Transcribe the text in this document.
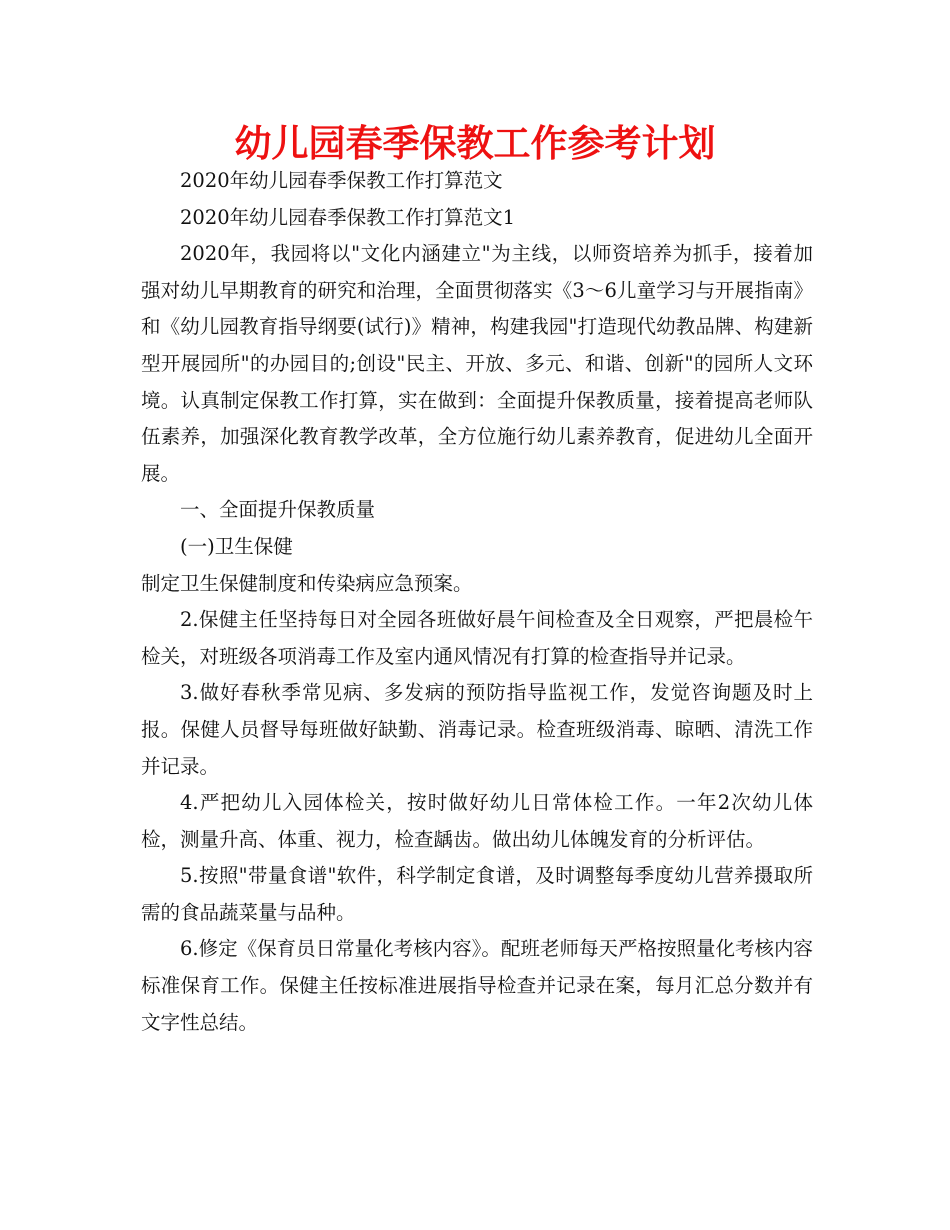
幼儿园春季保教工作参考计划

2020年幼儿园春季保教工作打算范文

2020年幼儿园春季保教工作打算范文1

2020年，我园将以"文化内涵建立"为主线，以师资培养为抓手，接着加强对幼儿早期教育的研究和治理，全面贯彻落实《3～6儿童学习与开展指南》和《幼儿园教育指导纲要(试行)》精神，构建我园"打造现代幼教品牌、构建新型开展园所"的办园目的;创设"民主、开放、多元、和谐、创新"的园所人文环境。认真制定保教工作打算，实在做到：全面提升保教质量，接着提高老师队伍素养，加强深化教育教学改革，全方位施行幼儿素养教育，促进幼儿全面开展。

一、全面提升保教质量

(一)卫生保健

制定卫生保健制度和传染病应急预案。

2.保健主任坚持每日对全园各班做好晨午间检查及全日观察，严把晨检午检关，对班级各项消毒工作及室内通风情况有打算的检查指导并记录。

3.做好春秋季常见病、多发病的预防指导监视工作，发觉咨询题及时上报。保健人员督导每班做好缺勤、消毒记录。检查班级消毒、晾晒、清洗工作并记录。

4.严把幼儿入园体检关，按时做好幼儿日常体检工作。一年2次幼儿体检，测量升高、体重、视力，检查龋齿。做出幼儿体魄发育的分析评估。

5.按照"带量食谱"软件，科学制定食谱，及时调整每季度幼儿营养摄取所需的食品蔬菜量与品种。

6.修定《保育员日常量化考核内容》。配班老师每天严格按照量化考核内容标准保育工作。保健主任按标准进展指导检查并记录在案，每月汇总分数并有文字性总结。
